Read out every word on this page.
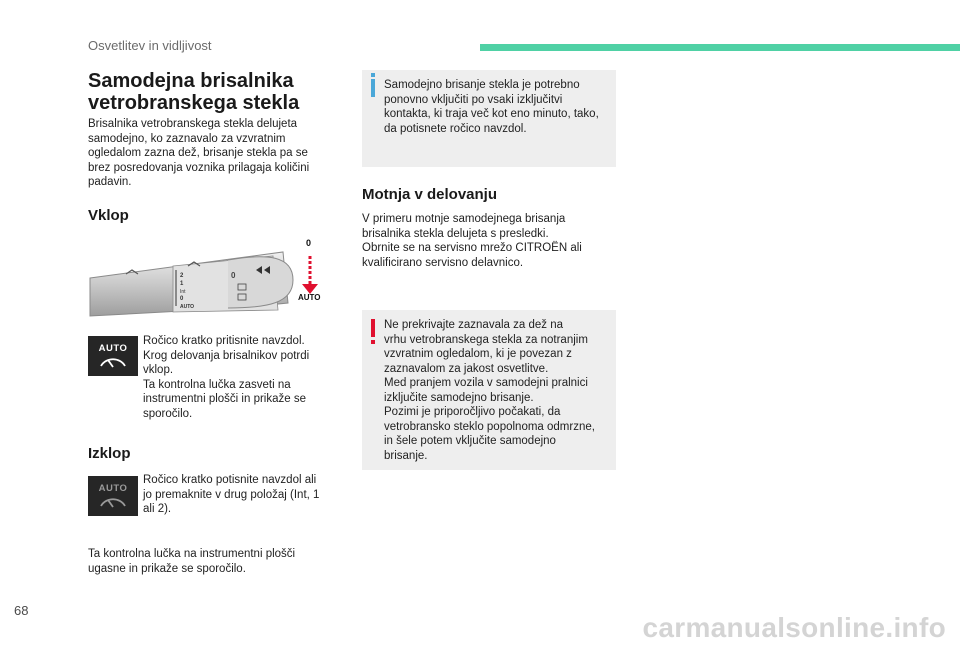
Osvetlitev in vidljivost
Samodejna brisalnika
vetrobranskega stekla
Brisalnika vetrobranskega stekla delujeta
samodejno, ko zaznavalo za vzvratnim
ogledalom zazna dež, brisanje stekla pa se
brez posredovanja voznika prilagaja količini
padavin.
Vklop
2
1
Int
0
AUTO
0
0
AUTO
AUTO
Ročico kratko pritisnite navzdol.
Krog delovanja brisalnikov potrdi
vklop.
Ta kontrolna lučka zasveti na
instrumentni plošči in prikaže se
sporočilo.
Izklop
AUTO
Ročico kratko potisnite navzdol ali
jo premaknite v drug položaj (Int, 1
ali 2).
Ta kontrolna lučka na instrumentni plošči
ugasne in prikaže se sporočilo.
Samodejno brisanje stekla je potrebno
ponovno vključiti po vsaki izključitvi
kontakta, ki traja več kot eno minuto, tako,
da potisnete ročico navzdol.
Motnja v delovanju
V primeru motnje samodejnega brisanja
brisalnika stekla delujeta s presledki.
Obrnite se na servisno mrežo CITROËN ali
kvalificirano servisno delavnico.
Ne prekrivajte zaznavala za dež na
vrhu vetrobranskega stekla za notranjim
vzvratnim ogledalom, ki je povezan z
zaznavalom za jakost osvetlitve.
Med pranjem vozila v samodejni pralnici
izključite samodejno brisanje.
Pozimi je priporočljivo počakati, da
vetrobransko steklo popolnoma odmrzne,
in šele potem vključite samodejno
brisanje.
68
carmanualsonline.info
